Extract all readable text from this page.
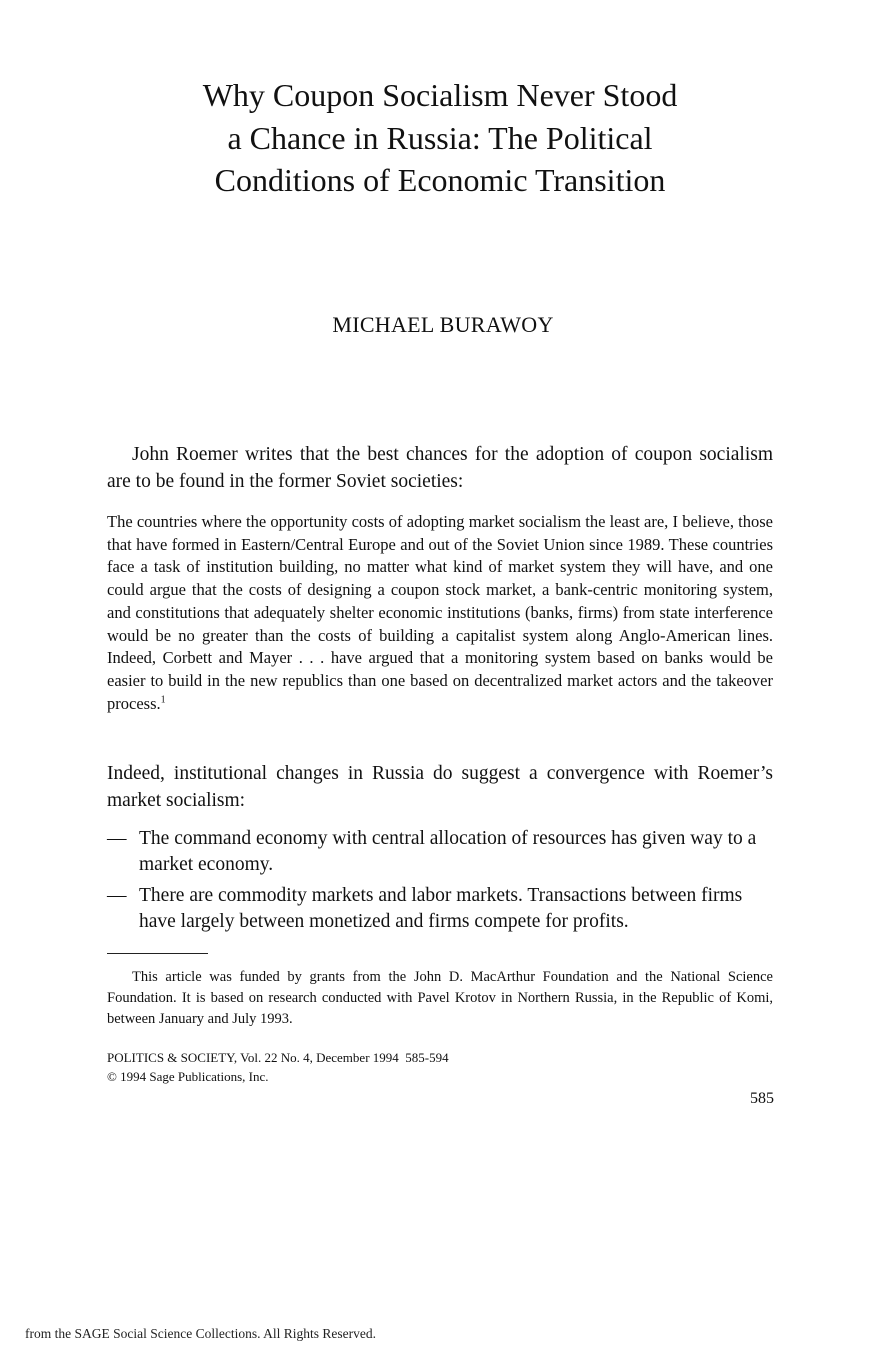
Why Coupon Socialism Never Stood
a Chance in Russia: The Political
Conditions of Economic Transition

MICHAEL BURAWOY

John Roemer writes that the best chances for the adoption of coupon socialism are to be found in the former Soviet societies:

The countries where the opportunity costs of adopting market socialism the least are, I believe, those that have formed in Eastern/Central Europe and out of the Soviet Union since 1989. These countries face a task of institution building, no matter what kind of market system they will have, and one could argue that the costs of designing a coupon stock market, a bank-centric monitoring system, and constitutions that adequately shelter economic institutions (banks, firms) from state interference would be no greater than the costs of building a capitalist system along Anglo-American lines. Indeed, Corbett and Mayer . . . have argued that a monitoring system based on banks would be easier to build in the new republics than one based on decentralized market actors and the takeover process.$^1$

Indeed, institutional changes in Russia do suggest a convergence with Roemer’s market socialism:

— The command economy with central allocation of resources has given way to a market economy.
— There are commodity markets and labor markets. Transactions between firms have largely between monetized and firms compete for profits.

This article was funded by grants from the John D. MacArthur Foundation and the National Science Foundation. It is based on research conducted with Pavel Krotov in Northern Russia, in the Republic of Komi, between January and July 1993.

POLITICS & SOCIETY, Vol. 22 No. 4, December 1994  585-594
© 1994 Sage Publications, Inc.
585
from the SAGE Social Science Collections. All Rights Reserved.
